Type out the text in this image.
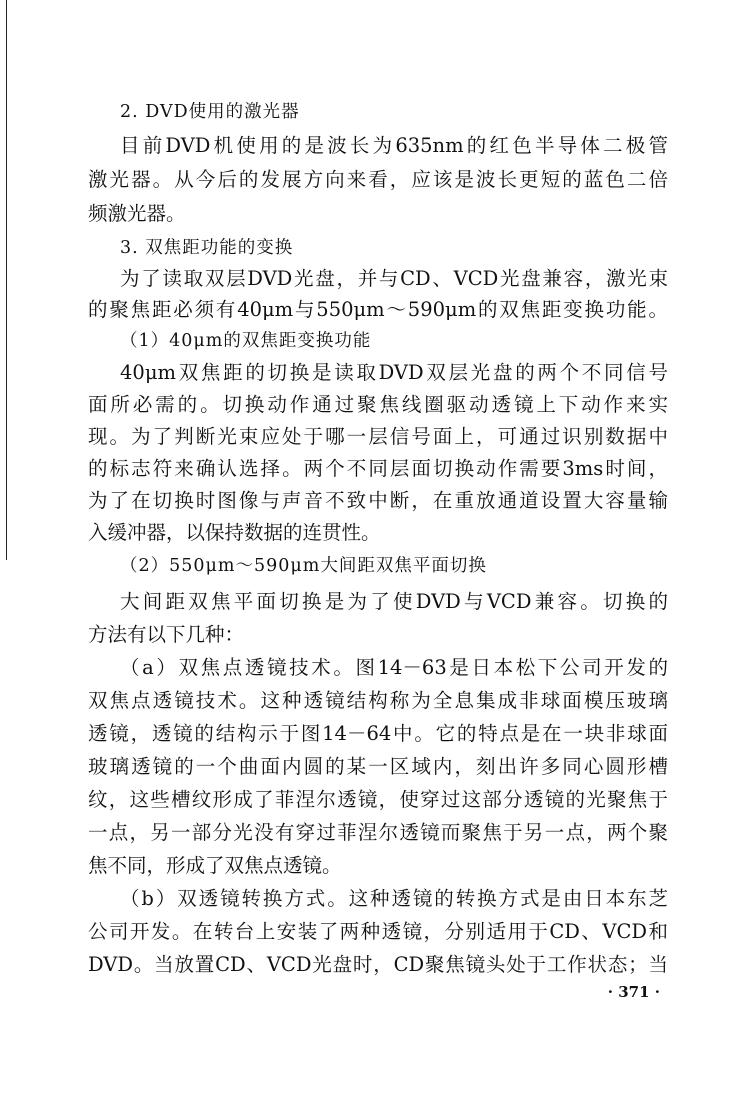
2. DVD使用的激光器
目前DVD机使用的是波长为635nm的红色半导体二极管
激光器。从今后的发展方向来看，应该是波长更短的蓝色二倍
频激光器。
3. 双焦距功能的变换
为了读取双层DVD光盘，并与CD、VCD光盘兼容，激光束
的聚焦距必须有40μm与550μm～590μm的双焦距变换功能。
（1）40μm的双焦距变换功能
40μm双焦距的切换是读取DVD双层光盘的两个不同信号
面所必需的。切换动作通过聚焦线圈驱动透镜上下动作来实
现。为了判断光束应处于哪一层信号面上，可通过识别数据中
的标志符来确认选择。两个不同层面切换动作需要3ms时间，
为了在切换时图像与声音不致中断，在重放通道设置大容量输
入缓冲器，以保持数据的连贯性。
（2）550μm～590μm大间距双焦平面切换
大间距双焦平面切换是为了使DVD与VCD兼容。切换的
方法有以下几种：
（a）双焦点透镜技术。图14－63是日本松下公司开发的
双焦点透镜技术。这种透镜结构称为全息集成非球面模压玻璃
透镜，透镜的结构示于图14－64中。它的特点是在一块非球面
玻璃透镜的一个曲面内圆的某一区域内，刻出许多同心圆形槽
纹，这些槽纹形成了菲涅尔透镜，使穿过这部分透镜的光聚焦于
一点，另一部分光没有穿过菲涅尔透镜而聚焦于另一点，两个聚
焦不同，形成了双焦点透镜。
（b）双透镜转换方式。这种透镜的转换方式是由日本东芝
公司开发。在转台上安装了两种透镜，分别适用于CD、VCD和
DVD。当放置CD、VCD光盘时，CD聚焦镜头处于工作状态；当
· 371 ·
